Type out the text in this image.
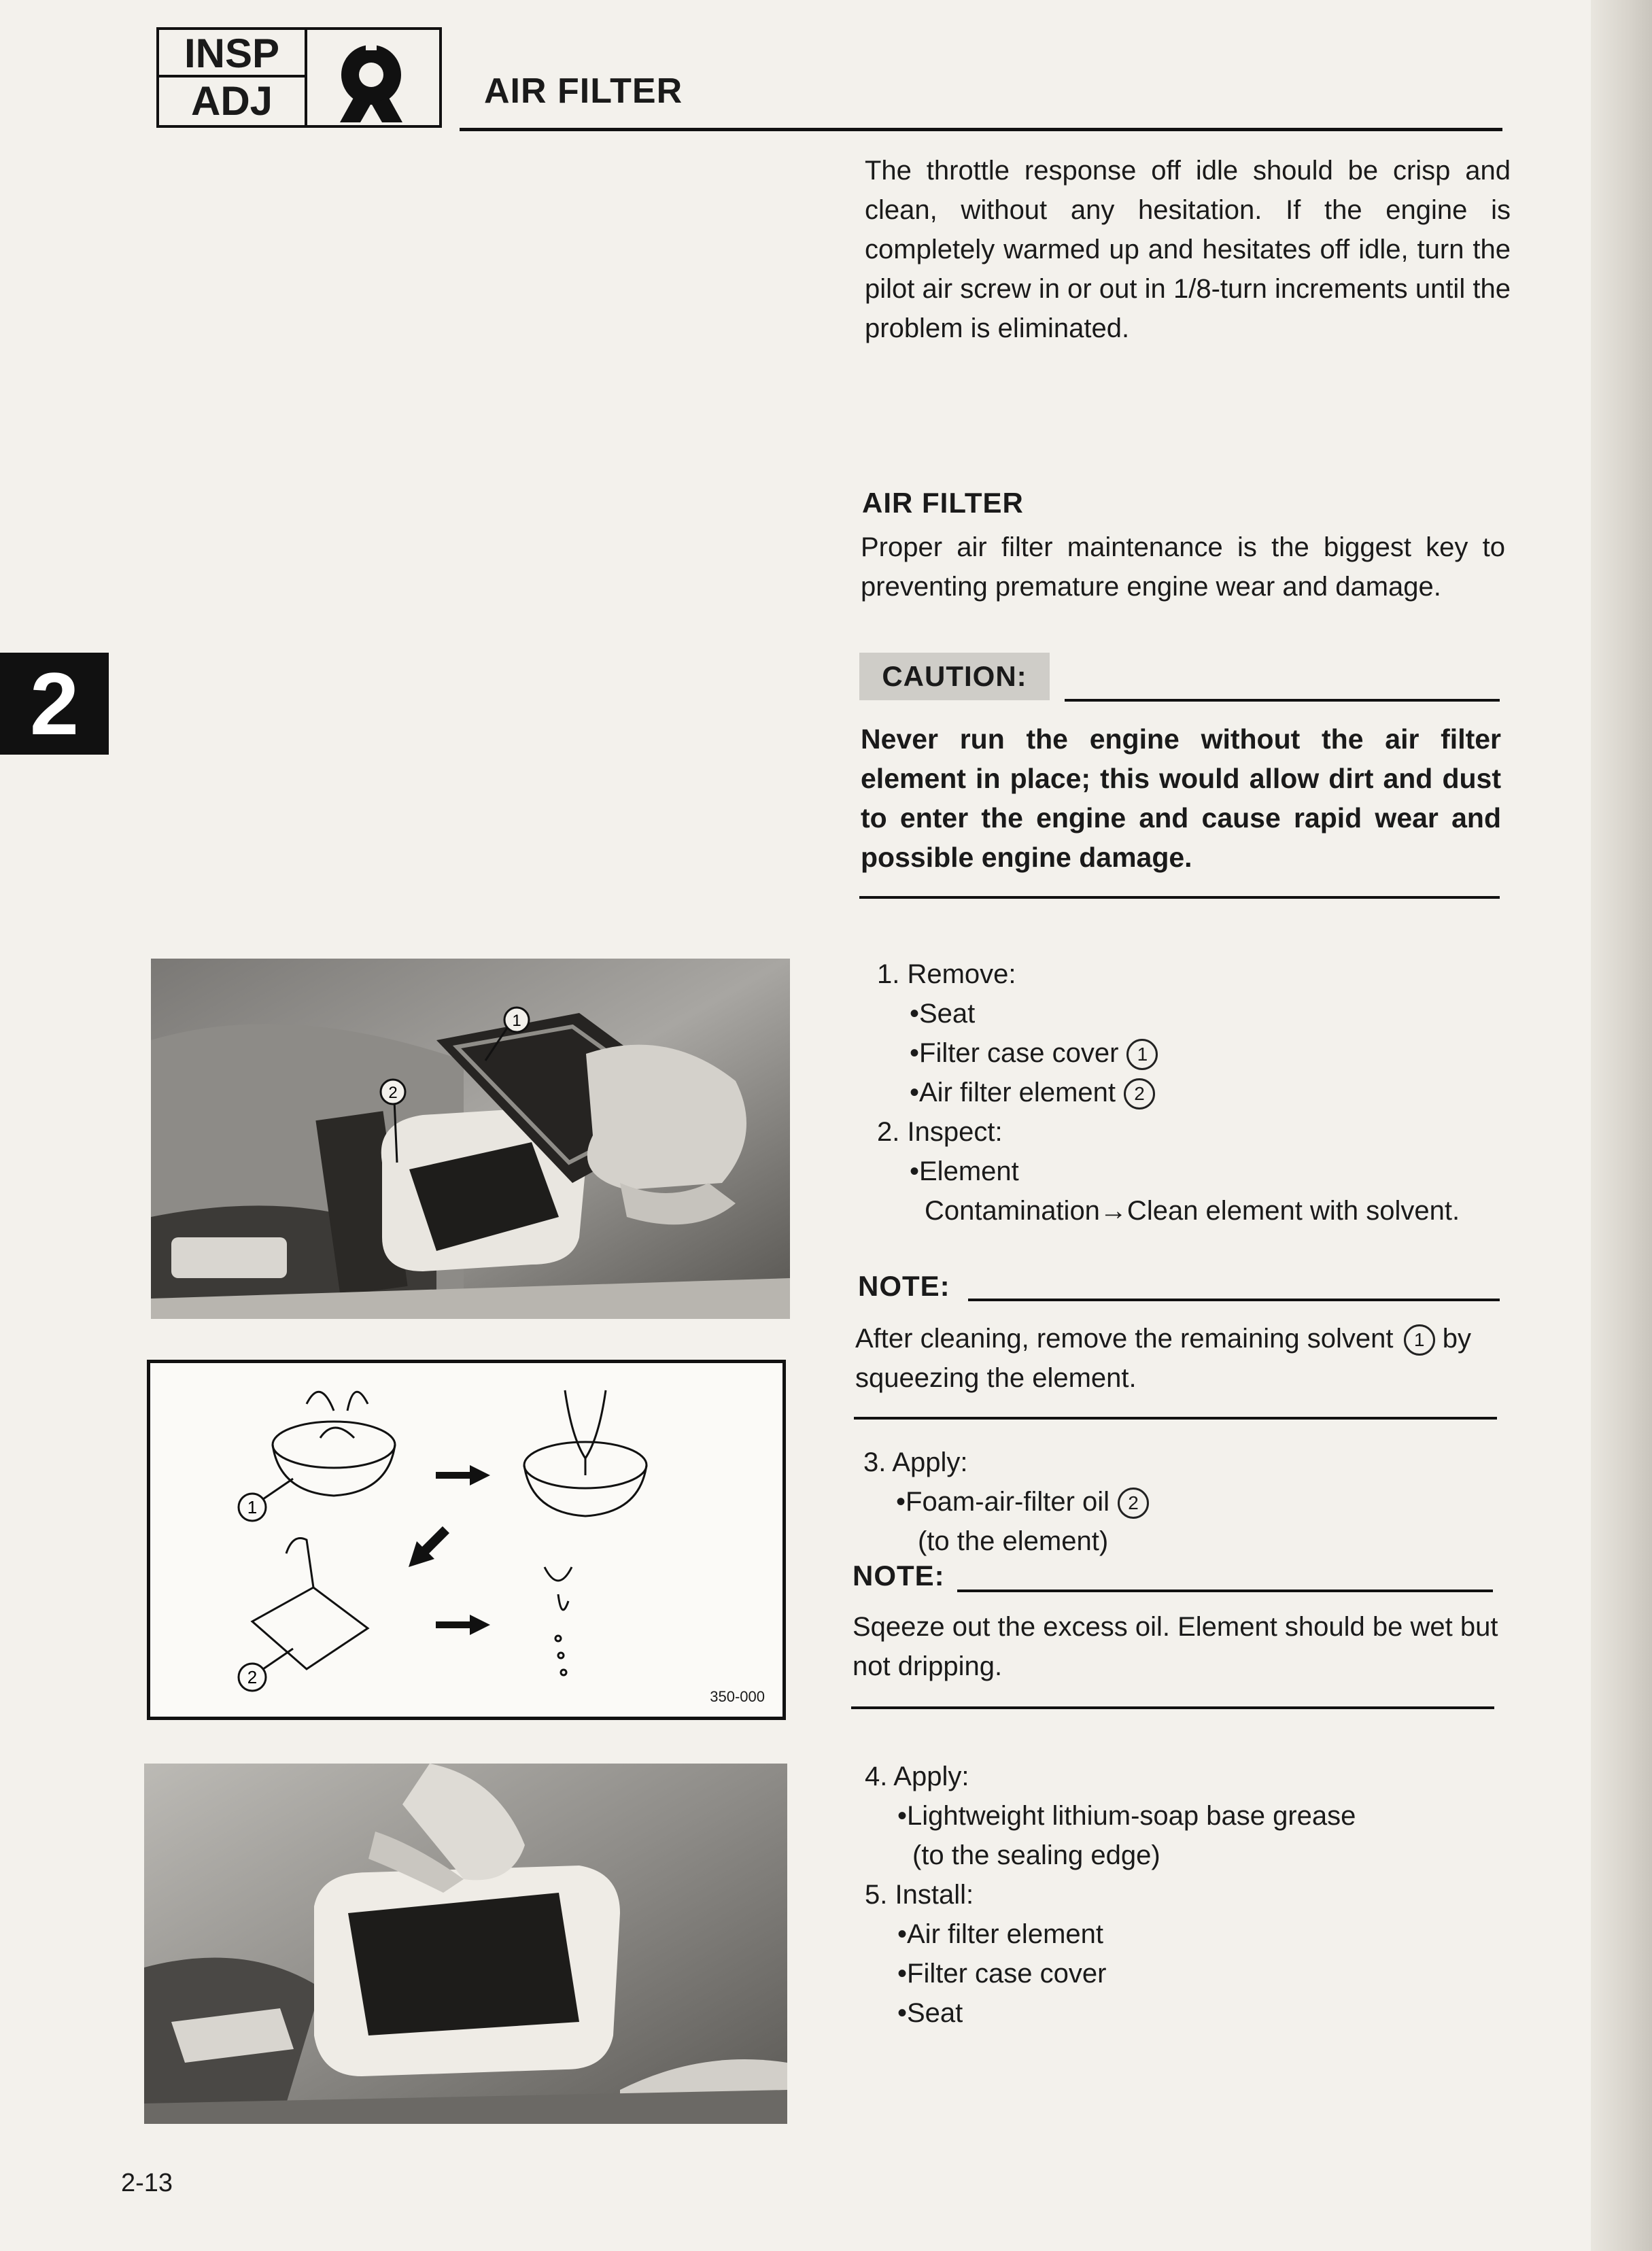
INSP
ADJ	AIR FILTER
2
The throttle response off idle should be crisp and clean, without any hesitation. If the engine is completely warmed up and hesitates off idle, turn the pilot air screw in or out in 1/8-turn increments until the problem is eliminated.
AIR FILTER
Proper air filter maintenance is the biggest key to preventing premature engine wear and damage.
CAUTION:
Never run the engine without the air filter element in place; this would allow dirt and dust to enter the engine and cause rapid wear and possible engine damage.
1. Remove:
•Seat
•Filter case cover 1
•Air filter element 2
2. Inspect:
•Element
Contamination→Clean element with solvent.
NOTE:
After cleaning, remove the remaining solvent 1 by squeezing the element.
3. Apply:
•Foam-air-filter oil 2
(to the element)
NOTE:
Sqeeze out the excess oil. Element should be wet but not dripping.
4. Apply:
•Lightweight lithium-soap base grease
(to the sealing edge)
5. Install:
•Air filter element
•Filter case cover
•Seat
1
2
1
2
350-000
2-13
